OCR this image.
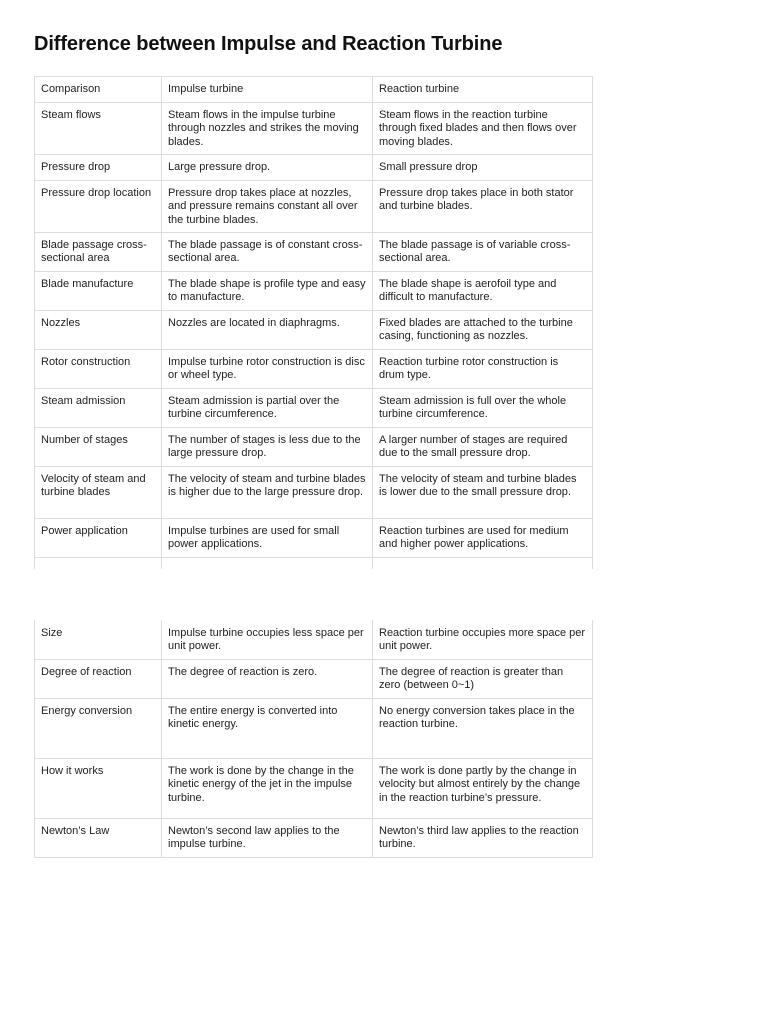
Difference between Impulse and Reaction Turbine
Comparison	Impulse turbine	Reaction turbine
Steam flows	Steam flows in the impulse turbine through nozzles and strikes the moving blades.	Steam flows in the reaction turbine through fixed blades and then flows over moving blades.
Pressure drop	Large pressure drop.	Small pressure drop
Pressure drop location	Pressure drop takes place at nozzles, and pressure remains constant all over the turbine blades.	Pressure drop takes place in both stator and turbine blades.
Blade passage cross-sectional area	The blade passage is of constant cross-sectional area.	The blade passage is of variable cross-sectional area.
Blade manufacture	The blade shape is profile type and easy to manufacture.	The blade shape is aerofoil type and difficult to manufacture.
Nozzles	Nozzles are located in diaphragms.	Fixed blades are attached to the turbine casing, functioning as nozzles.
Rotor construction	Impulse turbine rotor construction is disc or wheel type.	Reaction turbine rotor construction is drum type.
Steam admission	Steam admission is partial over the turbine circumference.	Steam admission is full over the whole turbine circumference.
Number of stages	The number of stages is less due to the large pressure drop.	A larger number of stages are required due to the small pressure drop.
Velocity of steam and turbine blades	The velocity of steam and turbine blades is higher due to the large pressure drop.	The velocity of steam and turbine blades is lower due to the small pressure drop.
Power application	Impulse turbines are used for small power applications.	Reaction turbines are used for medium and higher power applications.

Size	Impulse turbine occupies less space per unit power.	Reaction turbine occupies more space per unit power.
Degree of reaction	The degree of reaction is zero.	The degree of reaction is greater than zero (between 0~1)
Energy conversion	The entire energy is converted into kinetic energy.	No energy conversion takes place in the reaction turbine.
How it works	The work is done by the change in the kinetic energy of the jet in the impulse turbine.	The work is done partly by the change in velocity but almost entirely by the change in the reaction turbine’s pressure.
Newton’s Law	Newton’s second law applies to the impulse turbine.	Newton’s third law applies to the reaction turbine.
